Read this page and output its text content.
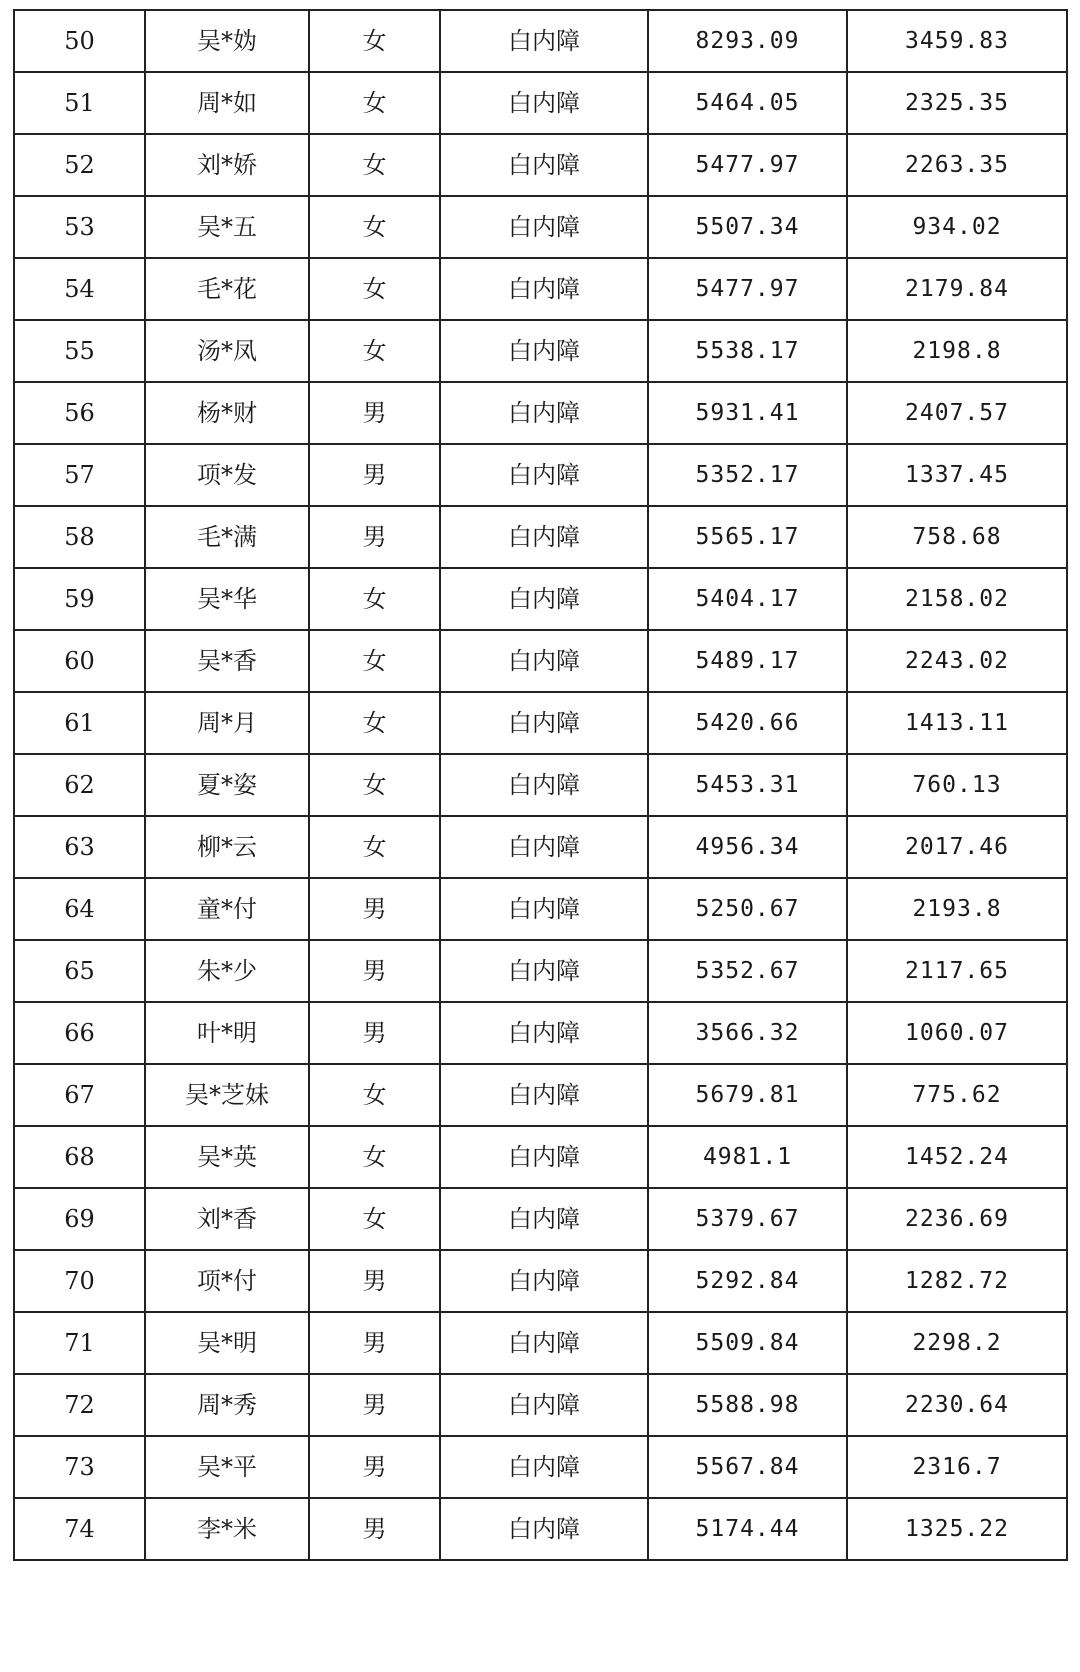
50	吴*妫	女	白内障	8293.09	3459.83
51	周*如	女	白内障	5464.05	2325.35
52	刘*娇	女	白内障	5477.97	2263.35
53	吴*五	女	白内障	5507.34	934.02
54	毛*花	女	白内障	5477.97	2179.84
55	汤*凤	女	白内障	5538.17	2198.8
56	杨*财	男	白内障	5931.41	2407.57
57	项*发	男	白内障	5352.17	1337.45
58	毛*满	男	白内障	5565.17	758.68
59	吴*华	女	白内障	5404.17	2158.02
60	吴*香	女	白内障	5489.17	2243.02
61	周*月	女	白内障	5420.66	1413.11
62	夏*姿	女	白内障	5453.31	760.13
63	柳*云	女	白内障	4956.34	2017.46
64	童*付	男	白内障	5250.67	2193.8
65	朱*少	男	白内障	5352.67	2117.65
66	叶*明	男	白内障	3566.32	1060.07
67	吴*芝妹	女	白内障	5679.81	775.62
68	吴*英	女	白内障	4981.1	1452.24
69	刘*香	女	白内障	5379.67	2236.69
70	项*付	男	白内障	5292.84	1282.72
71	吴*明	男	白内障	5509.84	2298.2
72	周*秀	男	白内障	5588.98	2230.64
73	吴*平	男	白内障	5567.84	2316.7
74	李*米	男	白内障	5174.44	1325.22
